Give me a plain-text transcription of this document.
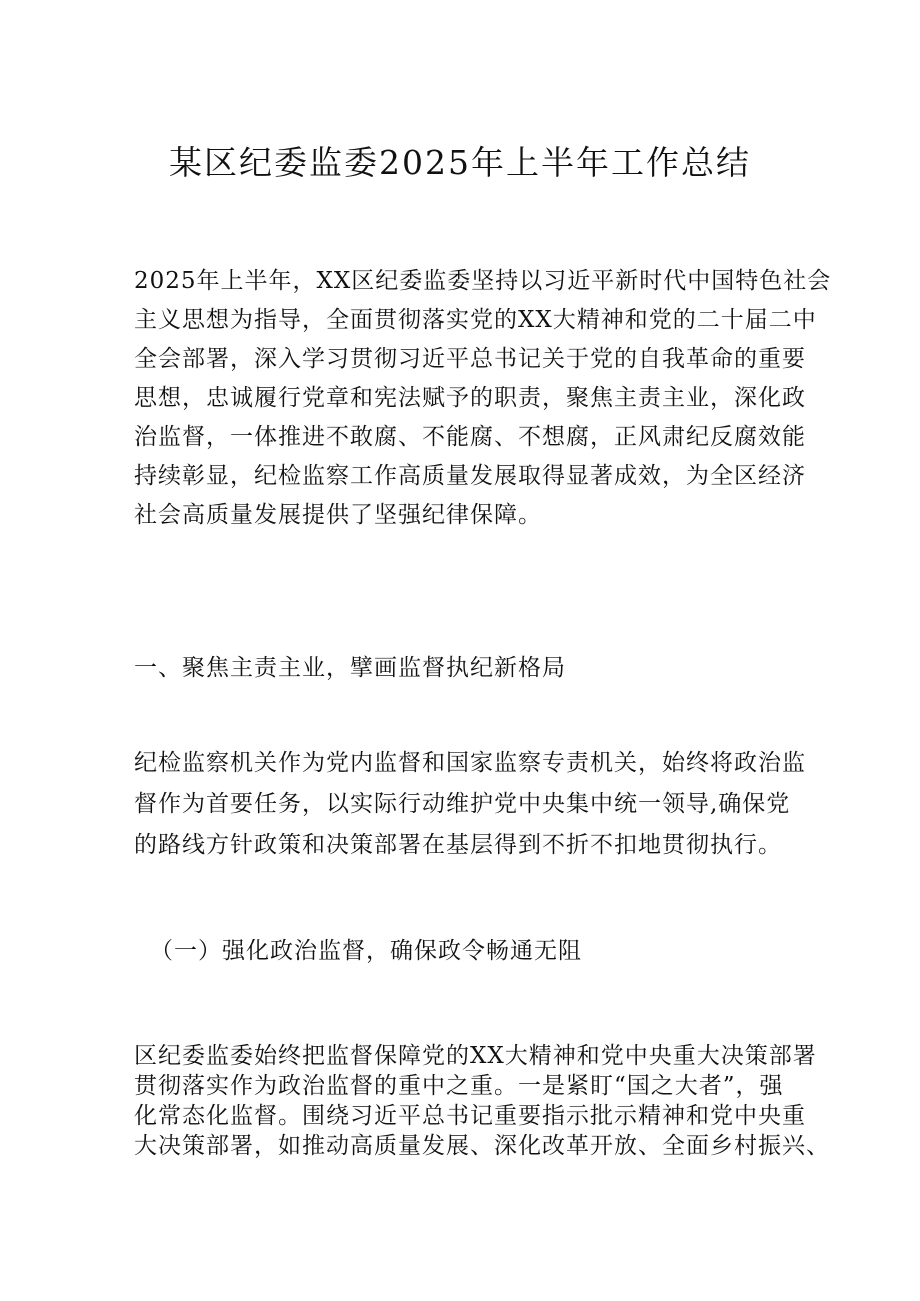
某区纪委监委2025年上半年工作总结

2025年上半年，XX区纪委监委坚持以习近平新时代中国特色社会
主义思想为指导，全面贯彻落实党的XX大精神和党的二十届二中
全会部署，深入学习贯彻习近平总书记关于党的自我革命的重要
思想，忠诚履行党章和宪法赋予的职责，聚焦主责主业，深化政
治监督，一体推进不敢腐、不能腐、不想腐，正风肃纪反腐效能
持续彰显，纪检监察工作高质量发展取得显著成效，为全区经济
社会高质量发展提供了坚强纪律保障。

一、聚焦主责主业，擘画监督执纪新格局

纪检监察机关作为党内监督和国家监察专责机关，始终将政治监
督作为首要任务，以实际行动维护党中央集中统一领导,确保党
的路线方针政策和决策部署在基层得到不折不扣地贯彻执行。

（一）强化政治监督，确保政令畅通无阻

区纪委监委始终把监督保障党的XX大精神和党中央重大决策部署
贯彻落实作为政治监督的重中之重。一是紧盯“国之大者”，强
化常态化监督。围绕习近平总书记重要指示批示精神和党中央重
大决策部署，如推动高质量发展、深化改革开放、全面乡村振兴、
